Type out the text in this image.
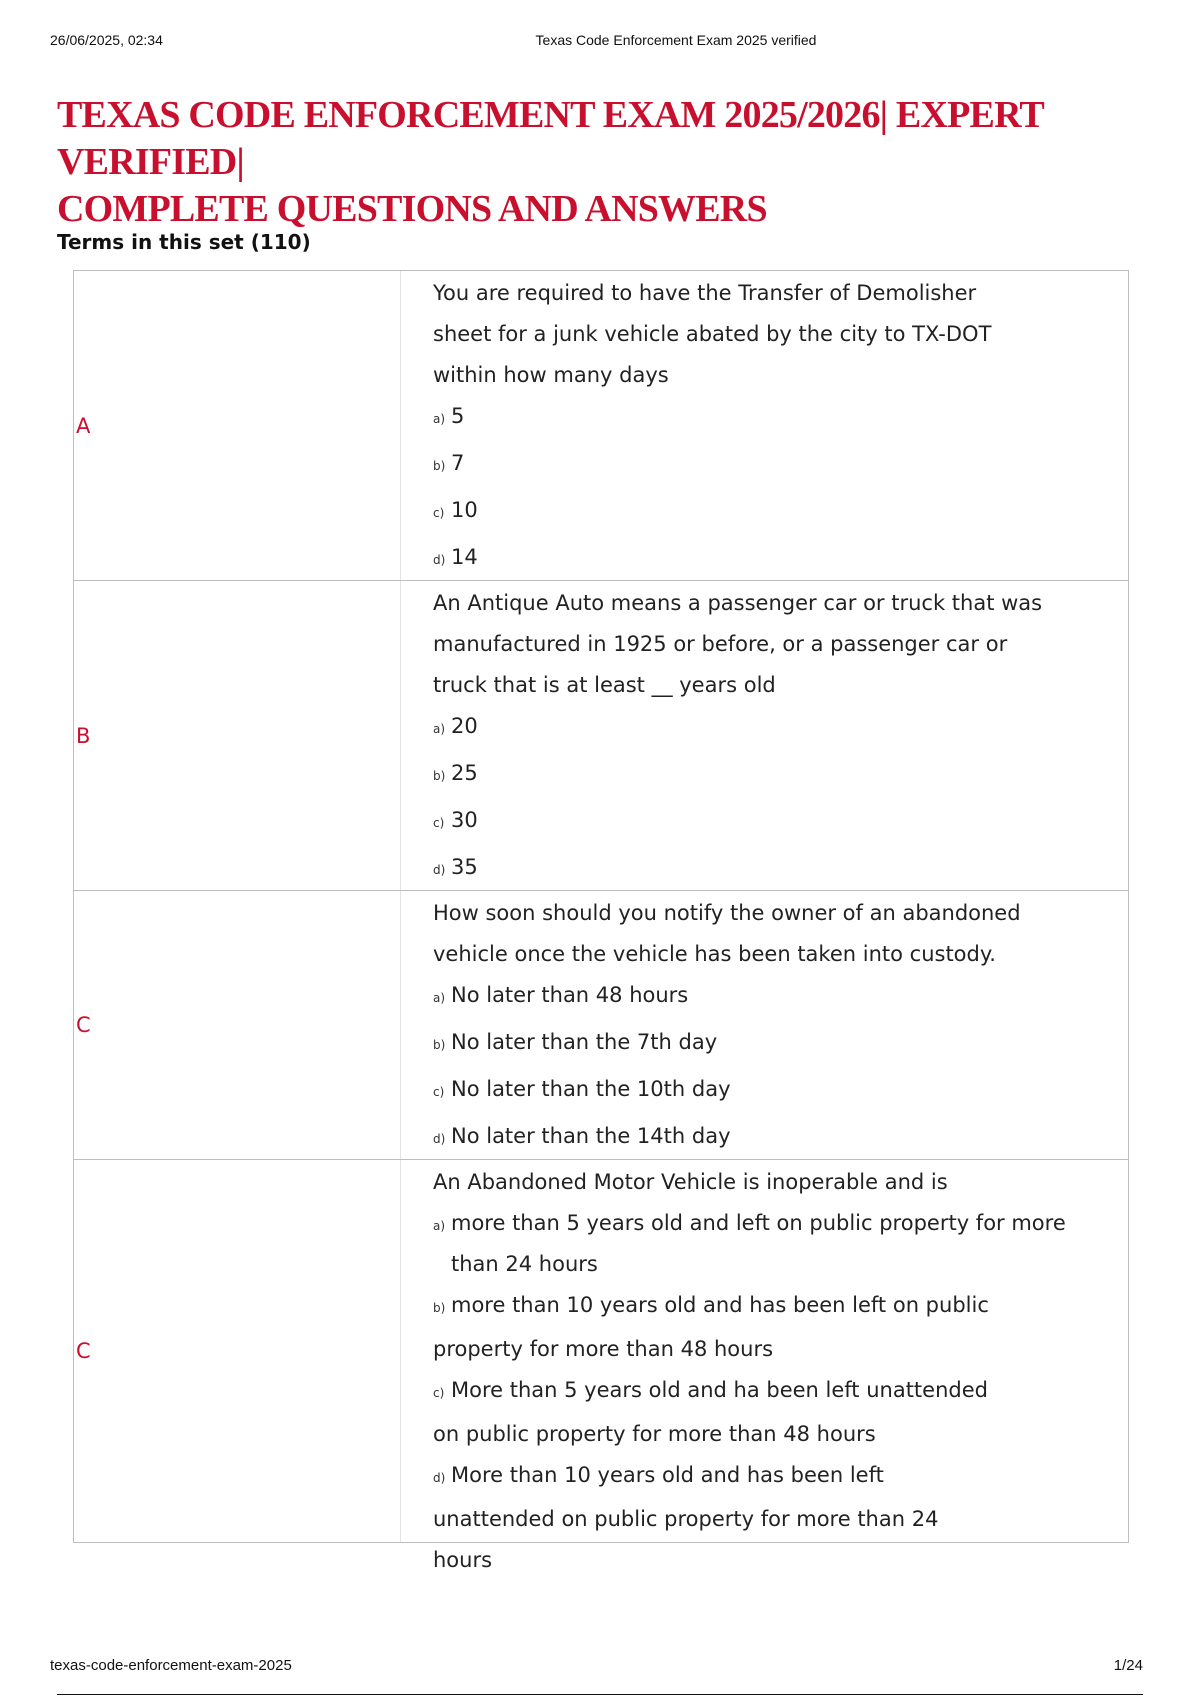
26/06/2025, 02:34	Texas Code Enforcement Exam 2025 verified
TEXAS CODE ENFORCEMENT EXAM 2025/2026| EXPERT VERIFIED|
COMPLETE QUESTIONS AND ANSWERS
Terms in this set (110)
A
You are required to have the Transfer of Demolisher sheet for a junk vehicle abated by the city to TX-DOT within how many days
a) 5
b) 7
c) 10
d) 14
B
An Antique Auto means a passenger car or truck that was manufactured in 1925 or before, or a passenger car or truck that is at least __ years old
a) 20
b) 25
c) 30
d) 35
C
How soon should you notify the owner of an abandoned vehicle once the vehicle has been taken into custody.
a) No later than 48 hours
b) No later than the 7th day
c) No later than the 10th day
d) No later than the 14th day
C
An Abandoned Motor Vehicle is inoperable and is
a) more than 5 years old and left on public property for more than 24 hours
b) more than 10 years old and has been left on public property for more than 48 hours
c) More than 5 years old and ha been left unattended on public property for more than 48 hours
d) More than 10 years old and has been left unattended on public property for more than 24 hours
texas-code-enforcement-exam-2025	1/24
